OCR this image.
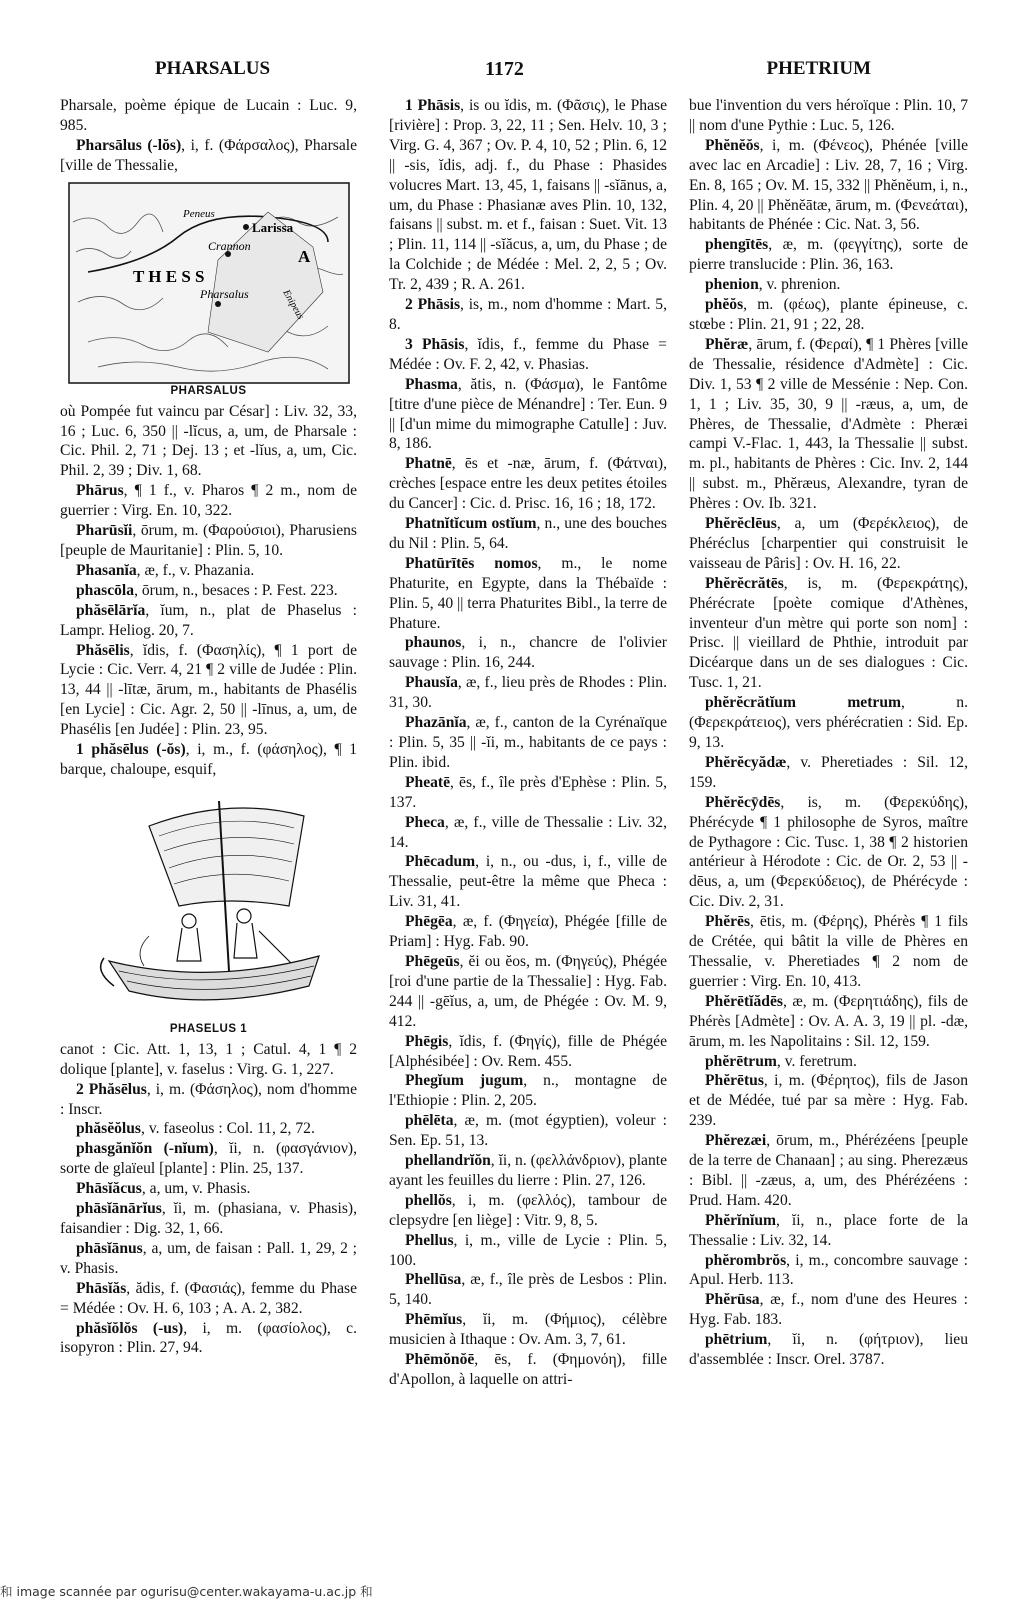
PHARSALUS	1172	PHETRIUM

Pharsale, poème épique de Lucain : Luc. 9, 985.

Pharsālus (-lŏs), i, f. (Φάρσαλος), Pharsale [ville de Thessalie,

Peneus
Larissa
Crannon
T H E S S
A
Pharsalus	Enipeus
PHARSALUS

où Pompée fut vaincu par César] : Liv. 32, 33, 16 ; Luc. 6, 350 || -lĭcus, a, um, de Pharsale : Cic. Phil. 2, 71 ; Dej. 13 ; et -lĭus, a, um, Cic. Phil. 2, 39 ; Div. 1, 68.

Phārus, ¶ 1 f., v. Pharos ¶ 2 m., nom de guerrier : Virg. En. 10, 322.

Pharūsĭi, ōrum, m. (Φαρούσιοι), Pharusiens [peuple de Mauritanie] : Plin. 5, 10.

Phasanĭa, æ, f., v. Phazania.

phascōla, ōrum, n., besaces : P. Fest. 223.

phăsēlārĭa, ĭum, n., plat de Phaselus : Lampr. Heliog. 20, 7.

Phăsēlis, ĭdis, f. (Φασηλίς), ¶ 1 port de Lycie : Cic. Verr. 4, 21 ¶ 2 ville de Judée : Plin. 13, 44 || -lītæ, ārum, m., habitants de Phasélis [en Lycie] : Cic. Agr. 2, 50 || -līnus, a, um, de Phasélis [en Judée] : Plin. 23, 95.

1 phăsēlus (-ŏs), i, m., f. (φάσηλος), ¶ 1 barque, chaloupe, esquif,

PHASELUS 1

canot : Cic. Att. 1, 13, 1 ; Catul. 4, 1 ¶ 2 dolique [plante], v. faselus : Virg. G. 1, 227.

2 Phăsēlus, i, m. (Φάσηλος), nom d'homme : Inscr.

phăsĕŏlus, v. faseolus : Col. 11, 2, 72.

phasgănĭŏn (-nĭum), ĭi, n. (φασγάνιον), sorte de glaïeul [plante] : Plin. 25, 137.

Phāsĭăcus, a, um, v. Phasis.

phāsĭānārĭus, ĭi, m. (phasiana, v. Phasis), faisandier : Dig. 32, 1, 66.

phāsĭānus, a, um, de faisan : Pall. 1, 29, 2 ; v. Phasis.

Phāsĭăs, ădis, f. (Φασιάς), femme du Phase = Médée : Ov. H. 6, 103 ; A. A. 2, 382.

phăsĭŏlŏs (-us), i, m. (φασίολος), c. isopyron : Plin. 27, 94.

1 Phāsis, is ou ĭdis, m. (Φᾶσις), le Phase [rivière] : Prop. 3, 22, 11 ; Sen. Helv. 10, 3 ; Virg. G. 4, 367 ; Ov. P. 4, 10, 52 ; Plin. 6, 12 || -sis, ĭdis, adj. f., du Phase : Phasides volucres Mart. 13, 45, 1, faisans || -sĭānus, a, um, du Phase : Phasianæ aves Plin. 10, 132, faisans || subst. m. et f., faisan : Suet. Vit. 13 ; Plin. 11, 114 || -sĭăcus, a, um, du Phase ; de la Colchide ; de Médée : Mel. 2, 2, 5 ; Ov. Tr. 2, 439 ; R. A. 261.

2 Phāsis, is, m., nom d'homme : Mart. 5, 8.

3 Phāsis, ĭdis, f., femme du Phase = Médée : Ov. F. 2, 42, v. Phasias.

Phasma, ătis, n. (Φάσμα), le Fantôme [titre d'une pièce de Ménandre] : Ter. Eun. 9 || [d'un mime du mimographe Catulle] : Juv. 8, 186.

Phatnē, ēs et -næ, ārum, f. (Φάτναι), crèches [espace entre les deux petites étoiles du Cancer] : Cic. d. Prisc. 16, 16 ; 18, 172.

Phatnĭtĭcum ostĭum, n., une des bouches du Nil : Plin. 5, 64.

Phatūrītēs nomos, m., le nome Phaturite, en Egypte, dans la Thébaïde : Plin. 5, 40 || terra Phaturites Bibl., la terre de Phature.

phaunos, i, n., chancre de l'olivier sauvage : Plin. 16, 244.

Phausĭa, æ, f., lieu près de Rhodes : Plin. 31, 30.

Phazānĭa, æ, f., canton de la Cyrénaïque : Plin. 5, 35 || -ĭi, m., habitants de ce pays : Plin. ibid.

Pheatē, ēs, f., île près d'Ephèse : Plin. 5, 137.

Pheca, æ, f., ville de Thessalie : Liv. 32, 14.

Phēcadum, i, n., ou -dus, i, f., ville de Thessalie, peut-être la même que Pheca : Liv. 31, 41.

Phēgēa, æ, f. (Φηγεία), Phégée [fille de Priam] : Hyg. Fab. 90.

Phēgeūs, ĕi ou ĕos, m. (Φηγεύς), Phégée [roi d'une partie de la Thessalie] : Hyg. Fab. 244 || -gēĭus, a, um, de Phégée : Ov. M. 9, 412.

Phēgis, ĭdis, f. (Φηγίς), fille de Phégée [Alphésibée] : Ov. Rem. 455.

Phegĭum jugum, n., montagne de l'Ethiopie : Plin. 2, 205.

phēlēta, æ, m. (mot égyptien), voleur : Sen. Ep. 51, 13.

phellandrĭŏn, ĭi, n. (φελλάνδριον), plante ayant les feuilles du lierre : Plin. 27, 126.

phellŏs, i, m. (φελλός), tambour de clepsydre [en liège] : Vitr. 9, 8, 5.

Phellus, i, m., ville de Lycie : Plin. 5, 100.

Phellūsa, æ, f., île près de Lesbos : Plin. 5, 140.

Phēmĭus, ĭi, m. (Φήμιος), célèbre musicien à Ithaque : Ov. Am. 3, 7, 61.

Phēmŏnŏē, ēs, f. (Φημονόη), fille d'Apollon, à laquelle on attri-

bue l'invention du vers héroïque : Plin. 10, 7 || nom d'une Pythie : Luc. 5, 126.

Phĕnĕŏs, i, m. (Φένεος), Phénée [ville avec lac en Arcadie] : Liv. 28, 7, 16 ; Virg. En. 8, 165 ; Ov. M. 15, 332 || Phĕnĕum, i, n., Plin. 4, 20 || Phĕnĕātæ, ārum, m. (Φενεάται), habitants de Phénée : Cic. Nat. 3, 56.

phengītēs, æ, m. (φεγγίτης), sorte de pierre translucide : Plin. 36, 163.

phenion, v. phrenion.

phĕŏs, m. (φέως), plante épineuse, c. stœbe : Plin. 21, 91 ; 22, 28.

Phĕræ, ārum, f. (Φεραί), ¶ 1 Phères [ville de Thessalie, résidence d'Admète] : Cic. Div. 1, 53 ¶ 2 ville de Messénie : Nep. Con. 1, 1 ; Liv. 35, 30, 9 || -ræus, a, um, de Phères, de Thessalie, d'Admète : Pheræi campi V.-Flac. 1, 443, la Thessalie || subst. m. pl., habitants de Phères : Cic. Inv. 2, 144 || subst. m., Phĕræus, Alexandre, tyran de Phères : Ov. Ib. 321.

Phĕrĕclēus, a, um (Φερέκλειος), de Phéréclus [charpentier qui construisit le vaisseau de Pâris] : Ov. H. 16, 22.

Phĕrĕcrătēs, is, m. (Φερεκράτης), Phérécrate [poète comique d'Athènes, inventeur d'un mètre qui porte son nom] : Prisc. || vieillard de Phthie, introduit par Dicéarque dans un de ses dialogues : Cic. Tusc. 1, 21.

phĕrĕcrătĭum metrum, n. (Φερεκράτειος), vers phérécratien : Sid. Ep. 9, 13.

Phĕrĕcyădæ, v. Pheretiades : Sil. 12, 159.

Phĕrĕcȳdēs, is, m. (Φερεκύδης), Phérécyde ¶ 1 philosophe de Syros, maître de Pythagore : Cic. Tusc. 1, 38 ¶ 2 historien antérieur à Hérodote : Cic. de Or. 2, 53 || -dēus, a, um (Φερεκύδειος), de Phérécyde : Cic. Div. 2, 31.

Phĕrēs, ētis, m. (Φέρης), Phérès ¶ 1 fils de Crétée, qui bâtit la ville de Phères en Thessalie, v. Pheretiades ¶ 2 nom de guerrier : Virg. En. 10, 413.

Phĕrētĭădēs, æ, m. (Φερητιάδης), fils de Phérès [Admète] : Ov. A. A. 3, 19 || pl. -dæ, ārum, m. les Napolitains : Sil. 12, 159.

phĕrētrum, v. feretrum.

Phĕrētus, i, m. (Φέρητος), fils de Jason et de Médée, tué par sa mère : Hyg. Fab. 239.

Phĕrezæi, ōrum, m., Phérézéens [peuple de la terre de Chanaan] ; au sing. Pherezæus : Bibl. || -zæus, a, um, des Phérézéens : Prud. Ham. 420.

Phĕrĭnĭum, ĭi, n., place forte de la Thessalie : Liv. 32, 14.

phĕrombrŏs, i, m., concombre sauvage : Apul. Herb. 113.

Phĕrūsa, æ, f., nom d'une des Heures : Hyg. Fab. 183.

phētrium, ĭi, n. (φήτριον), lieu d'assemblée : Inscr. Orel. 3787.

和 image scannée par ogurisu@center.wakayama-u.ac.jp 和
